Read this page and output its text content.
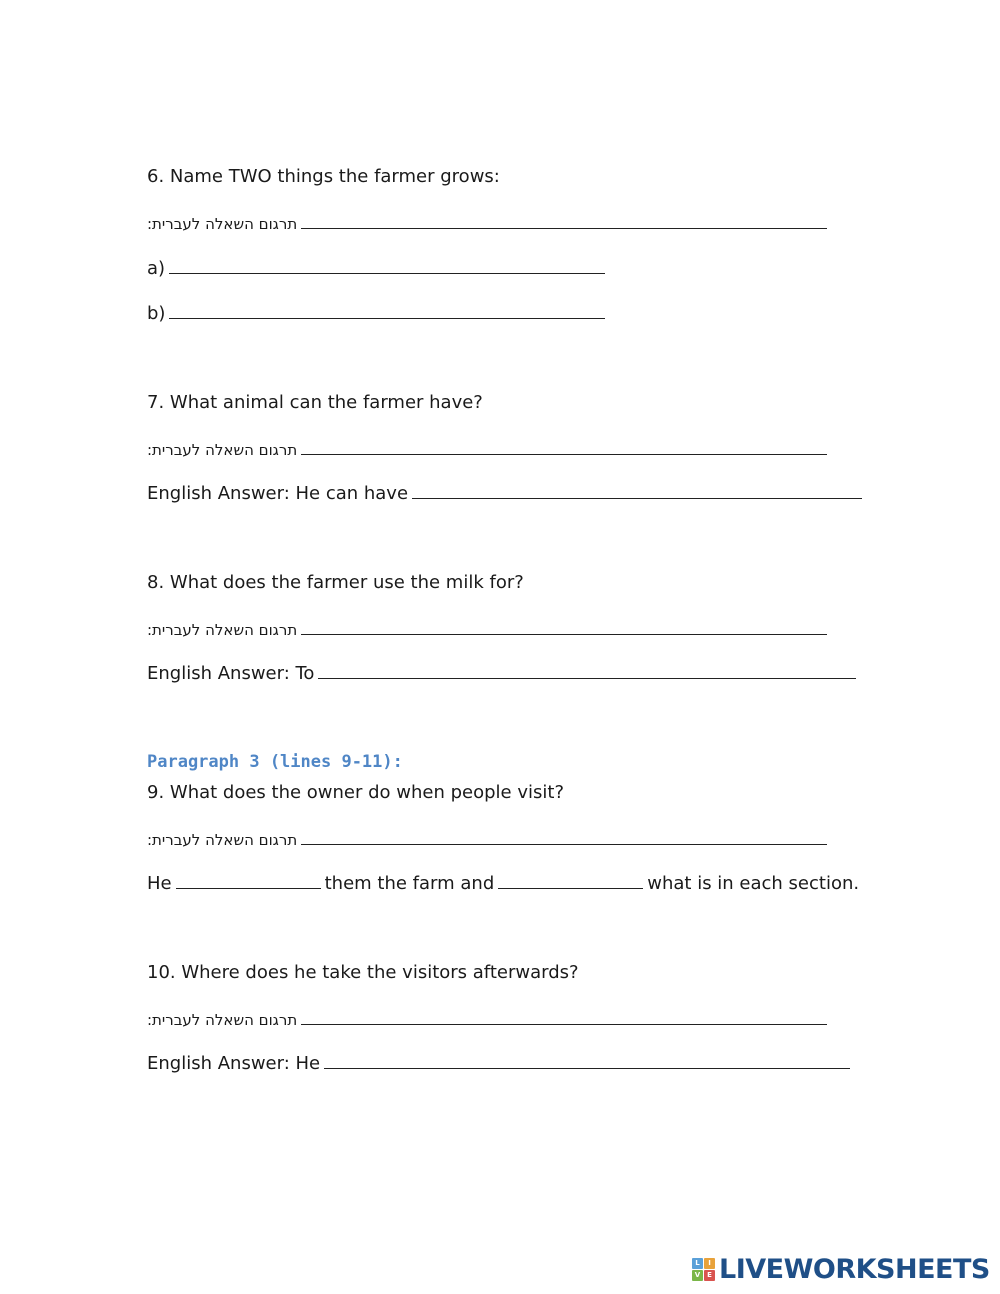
6. Name TWO things the farmer grows:
תרגום השאלה לעברית:
a)
b)
7. What animal can the farmer have?
תרגום השאלה לעברית:
English Answer: He can have
8. What does the farmer use the milk for?
תרגום השאלה לעברית:
English Answer: To
Paragraph 3 (lines 9-11):
9. What does the owner do when people visit?
תרגום השאלה לעברית:
He	them the farm and	what is in each section.
10. Where does he take the visitors afterwards?
תרגום השאלה לעברית:
English Answer: He
L	I
V E LIVEWORKSHEETS
